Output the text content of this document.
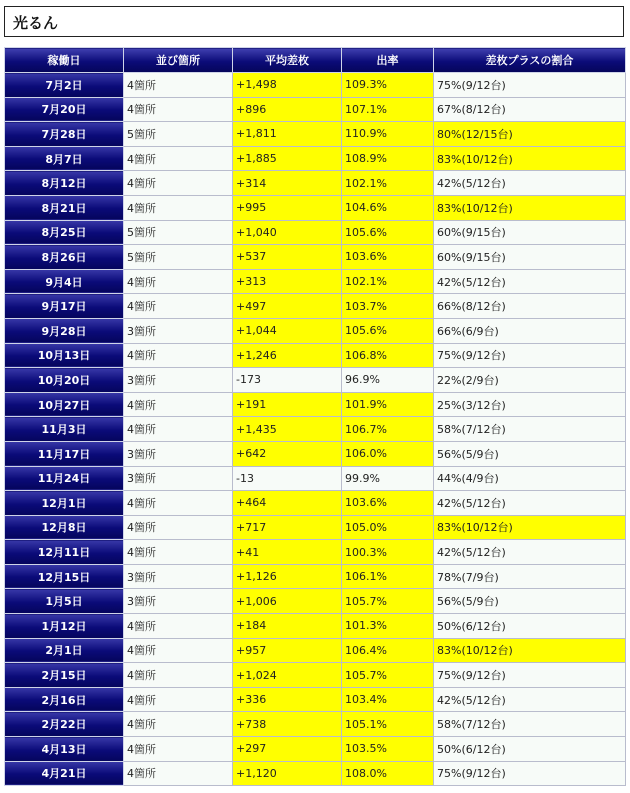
光るん
稼働日	並び箇所	平均差枚	出率	差枚プラスの割合
7月2日	4箇所	+1,498	109.3%	75%(9/12台)
7月20日	4箇所	+896	107.1%	67%(8/12台)
7月28日	5箇所	+1,811	110.9%	80%(12/15台)
8月7日	4箇所	+1,885	108.9%	83%(10/12台)
8月12日	4箇所	+314	102.1%	42%(5/12台)
8月21日	4箇所	+995	104.6%	83%(10/12台)
8月25日	5箇所	+1,040	105.6%	60%(9/15台)
8月26日	5箇所	+537	103.6%	60%(9/15台)
9月4日	4箇所	+313	102.1%	42%(5/12台)
9月17日	4箇所	+497	103.7%	66%(8/12台)
9月28日	3箇所	+1,044	105.6%	66%(6/9台)
10月13日	4箇所	+1,246	106.8%	75%(9/12台)
10月20日	3箇所	-173	96.9%	22%(2/9台)
10月27日	4箇所	+191	101.9%	25%(3/12台)
11月3日	4箇所	+1,435	106.7%	58%(7/12台)
11月17日	3箇所	+642	106.0%	56%(5/9台)
11月24日	3箇所	-13	99.9%	44%(4/9台)
12月1日	4箇所	+464	103.6%	42%(5/12台)
12月8日	4箇所	+717	105.0%	83%(10/12台)
12月11日	4箇所	+41	100.3%	42%(5/12台)
12月15日	3箇所	+1,126	106.1%	78%(7/9台)
1月5日	3箇所	+1,006	105.7%	56%(5/9台)
1月12日	4箇所	+184	101.3%	50%(6/12台)
2月1日	4箇所	+957	106.4%	83%(10/12台)
2月15日	4箇所	+1,024	105.7%	75%(9/12台)
2月16日	4箇所	+336	103.4%	42%(5/12台)
2月22日	4箇所	+738	105.1%	58%(7/12台)
4月13日	4箇所	+297	103.5%	50%(6/12台)
4月21日	4箇所	+1,120	108.0%	75%(9/12台)
